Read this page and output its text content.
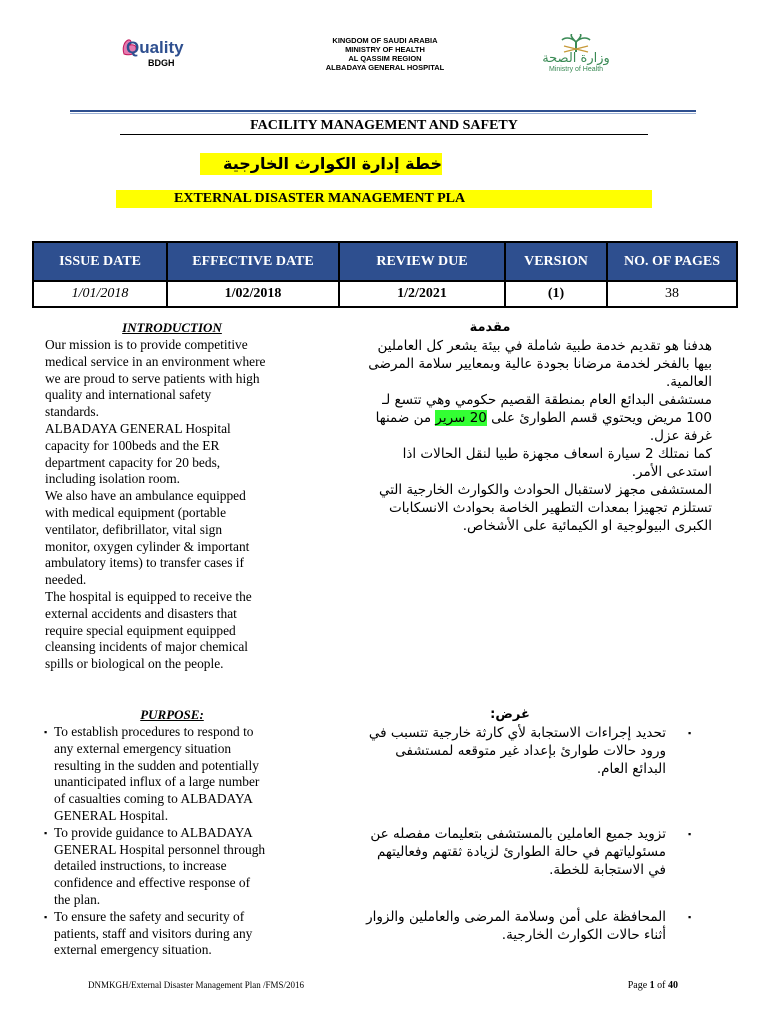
Quality
BDGH
KINGDOM OF SAUDI ARABIA
MINISTRY OF HEALTH
AL QASSIM REGION
ALBADAYA GENERAL HOSPITAL
وزارة الصحة
Ministry of Health
FACILITY MANAGEMENT AND SAFETY
خطة إدارة الكوارث الخارجية
EXTERNAL DISASTER MANAGEMENT PLA
ISSUE DATE	EFFECTIVE DATE	REVIEW DUE	VERSION	NO. OF PAGES
1/01/2018	1/02/2018	1/2/2021	(1)	38
INTRODUCTION	مقدمة
Our mission is to provide competitive
medical service in an environment where
we are proud to serve patients with high
quality and international safety
standards.
ALBADAYA GENERAL Hospital
capacity for 100beds and the ER
department capacity for 20 beds,
including isolation room.
We also have an ambulance equipped
with medical equipment (portable
ventilator, defibrillator, vital sign
monitor, oxygen cylinder & important
ambulatory items) to transfer cases if
needed.
The hospital is equipped to receive the
external accidents and disasters that
require special equipment equipped
cleansing incidents of major chemical
spills or biological on the people.
هدفنا هو تقديم خدمة طبية شاملة في بيئة يشعر كل العاملين
بيها بالفخر لخدمة مرضانا بجودة عالية وبمعايير سلامة المرضى
العالمية.
مستشفى البدائع العام بمنطقة القصيم حكومي وهي تتسع لـ
100 مريض ويحتوي قسم الطوارئ على 20 سرير من ضمنها
غرفة عزل.
كما نمتلك 2 سيارة اسعاف مجهزة طبيا لنقل الحالات اذا
استدعى الأمر.
المستشفى مجهز لاستقبال الحوادث والكوارث الخارجية التي
تستلزم تجهيزا بمعدات التطهير الخاصة بحوادث الانسكابات
الكبرى البيولوجية او الكيمائية على الأشخاص.
PURPOSE:	غرض:
▪ To establish procedures to respond to
any external emergency situation
resulting in the sudden and potentially
unanticipated influx of a large number
of casualties coming to ALBADAYA
GENERAL Hospital.
▪ To provide guidance to ALBADAYA
GENERAL Hospital personnel through
detailed instructions, to increase
confidence and effective response of
the plan.
▪ To ensure the safety and security of
patients, staff and visitors during any
external emergency situation.
تحديد إجراءات الاستجابة لأي كارثة خارجية تتسبب في
ورود حالات طوارئ بإعداد غير متوقعه لمستشفى
البدائع العام.
▪
تزويد جميع العاملين بالمستشفى بتعليمات مفصله عن
مسئولياتهم في حالة الطوارئ لزيادة ثقتهم وفعاليتهم
في الاستجابة للخطة.
▪
المحافظة على أمن وسلامة المرضى والعاملين والزوار
أثناء حالات الكوارث الخارجية.
▪
DNMKGH/External Disaster Management Plan /FMS/2016	Page 1 of 40
